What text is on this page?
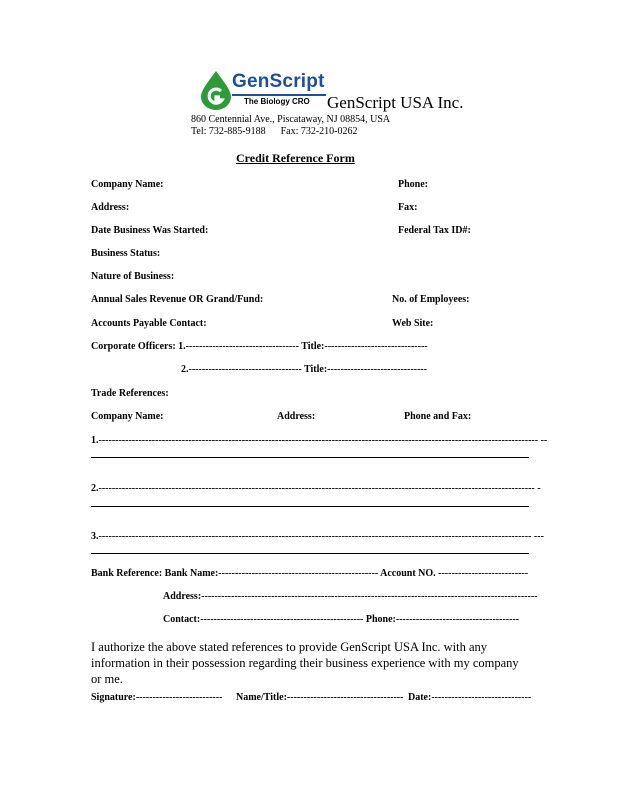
GenScript
The Biology CRO GenScript USA Inc.
860 Centennial Ave., Piscataway, NJ 08854, USA
Tel: 732-885-9188      Fax: 732-210-0262
Credit Reference Form
Company Name:	Phone:
Address:	Fax:
Date Business Was Started:	Federal Tax ID#:
Business Status:
Nature of Business:
Annual Sales Revenue OR Grand/Fund:	No. of Employees:
Accounts Payable Contact:	Web Site:
Corporate Officers: 1.---------------------------------- Title:-------------------------------
2.---------------------------------- Title:------------------------------
Trade References:
Company Name:	Address:	Phone and Fax:
1.------------------------------------------------------------------------------------------------------------------------------------ --
2.----------------------------------------------------------------------------------------------------------------------------------- -
3.---------------------------------------------------------------------------------------------------------------------------------- ---
Bank Reference: Bank Name:------------------------------------------------ Account NO. ---------------------------
Address:-----------------------------------------------------------------------------------------------------
Contact:------------------------------------------------- Phone:-------------------------------------
I authorize the above stated references to provide GenScript USA Inc. with any information in their possession regarding their business experience with my company or me.
Signature:-------------------------- Name/Title:----------------------------------- Date:------------------------------
